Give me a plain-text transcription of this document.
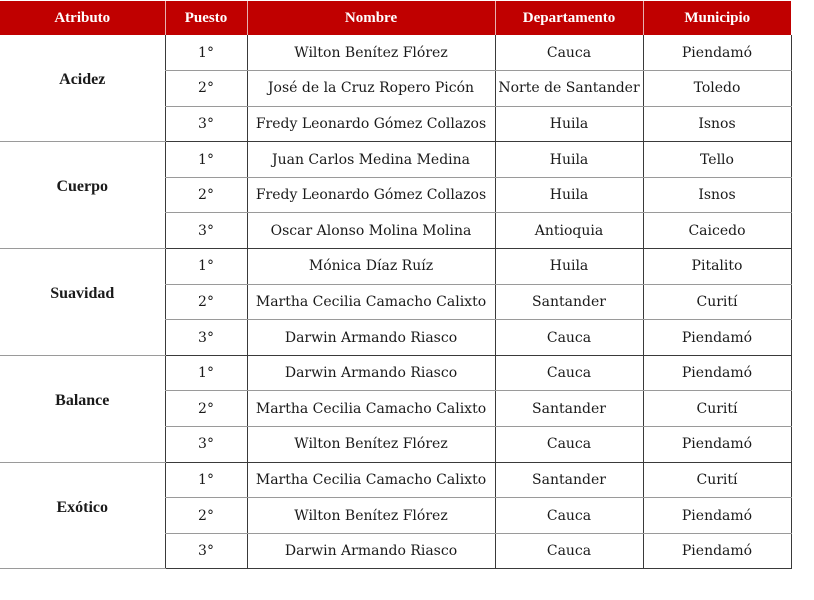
Atributo	Puesto	Nombre	Departamento	Municipio
Acidez	1°	Wilton Benítez Flórez	Cauca	Piendamó
	2°	José de la Cruz Ropero Picón	Norte de Santander	Toledo
	3°	Fredy Leonardo Gómez Collazos	Huila	Isnos
Cuerpo	1°	Juan Carlos Medina Medina	Huila	Tello
	2°	Fredy Leonardo Gómez Collazos	Huila	Isnos
	3°	Oscar Alonso Molina Molina	Antioquia	Caicedo
Suavidad	1°	Mónica Díaz Ruíz	Huila	Pitalito
	2°	Martha Cecilia Camacho Calixto	Santander	Curití
	3°	Darwin Armando Riasco	Cauca	Piendamó
Balance	1°	Darwin Armando Riasco	Cauca	Piendamó
	2°	Martha Cecilia Camacho Calixto	Santander	Curití
	3°	Wilton Benítez Flórez	Cauca	Piendamó
Exótico	1°	Martha Cecilia Camacho Calixto	Santander	Curití
	2°	Wilton Benítez Flórez	Cauca	Piendamó
	3°	Darwin Armando Riasco	Cauca	Piendamó
